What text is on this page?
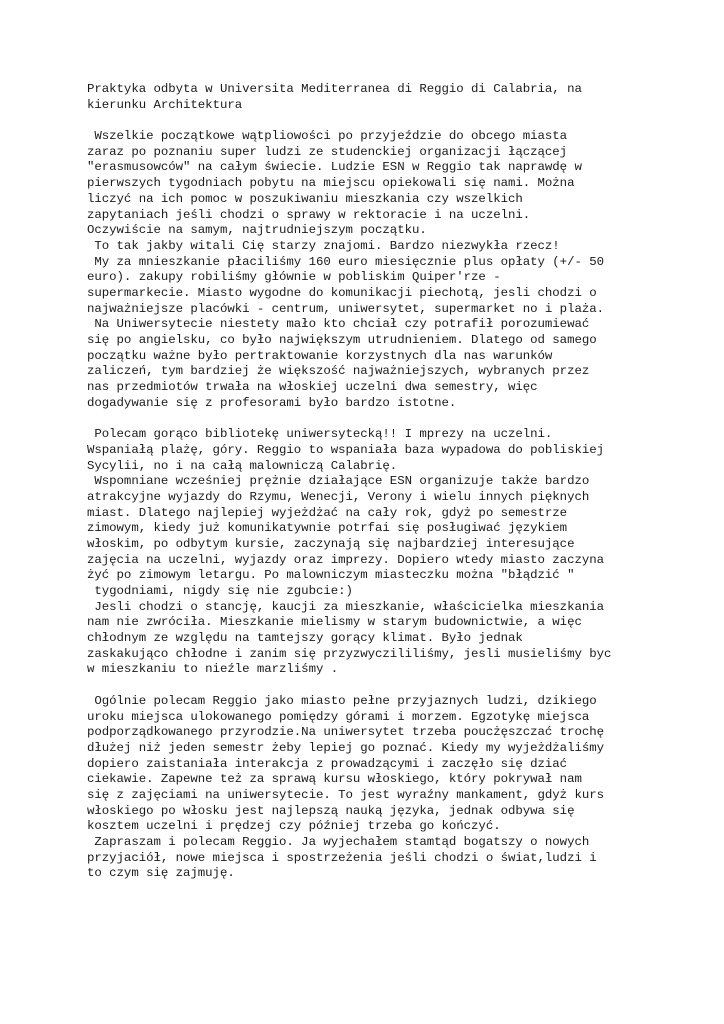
Praktyka odbyta w Universita Mediterranea di Reggio di Calabria, na
kierunku Architektura
Wszelkie początkowe wątpliowości po przyjeździe do obcego miasta
zaraz po poznaniu super ludzi ze studenckiej organizacji łączącej
"erasmusowców" na całym świecie. Ludzie ESN w Reggio tak naprawdę w
pierwszych tygodniach pobytu na miejscu opiekowali się nami. Można
liczyć na ich pomoc w poszukiwaniu mieszkania czy wszelkich
zapytaniach jeśli chodzi o sprawy w rektoracie i na uczelni.
Oczywiście na samym, najtrudniejszym początku.
To tak jakby witali Cię starzy znajomi. Bardzo niezwykła rzecz!
My za mnieszkanie płaciliśmy 160 euro miesięcznie plus opłaty (+/- 50
euro). zakupy robiliśmy głównie w pobliskim Quiper'rze -
supermarkecie. Miasto wygodne do komunikacji piechotą, jesli chodzi o
najważniejsze placówki - centrum, uniwersytet, supermarket no i plaża.
Na Uniwersytecie niestety mało kto chciał czy potrafił porozumiewać
się po angielsku, co było największym utrudnieniem. Dlatego od samego
początku ważne było pertraktowanie korzystnych dla nas warunków
zaliczeń, tym bardziej że większość najważniejszych, wybranych przez
nas przedmiotów trwała na włoskiej uczelni dwa semestry, więc
dogadywanie się z profesorami było bardzo istotne.
Polecam gorąco bibliotekę uniwersytecką!! I mprezy na uczelni.
Wspaniałą plażę, góry. Reggio to wspaniała baza wypadowa do pobliskiej
Sycylii, no i na całą malowniczą Calabrię.
Wspomniane wcześniej prężnie działające ESN organizuje także bardzo
atrakcyjne wyjazdy do Rzymu, Wenecji, Verony i wielu innych pięknych
miast. Dlatego najlepiej wyjeżdżać na cały rok, gdyż po semestrze
zimowym, kiedy już komunikatywnie potrfai się posługiwać językiem
włoskim, po odbytym kursie, zaczynają się najbardziej interesujące
zajęcia na uczelni, wyjazdy oraz imprezy. Dopiero wtedy miasto zaczyna
żyć po zimowym letargu. Po malowniczym miasteczku można "błądzić "
tygodniami, nigdy się nie zgubcie:)
Jesli chodzi o stancję, kaucji za mieszkanie, właścicielka mieszkania
nam nie zwróciła. Mieszkanie mielismy w starym budownictwie, a więc
chłodnym ze względu na tamtejszy gorący klimat. Było jednak
zaskakująco chłodne i zanim się przyzwyczililiśmy, jesli musieliśmy byc
w mieszkaniu to nieźle marzliśmy .
Ogólnie polecam Reggio jako miasto pełne przyjaznych ludzi, dzikiego
uroku miejsca ulokowanego pomiędzy górami i morzem. Egzotykę miejsca
podporządkowanego przyrodzie.Na uniwersytet trzeba poucżęszczać trochę
dłużej niż jeden semestr żeby lepiej go poznać. Kiedy my wyjeżdżaliśmy
dopiero zaistaniała interakcja z prowadzącymi i zaczęło się dziać
ciekawie. Zapewne też za sprawą kursu włoskiego, który pokrywał nam
się z zajęciami na uniwersytecie. To jest wyraźny mankament, gdyż kurs
włoskiego po włosku jest najlepszą nauką języka, jednak odbywa się
kosztem uczelni i prędzej czy później trzeba go kończyć.
Zapraszam i polecam Reggio. Ja wyjechałem stamtąd bogatszy o nowych
przyjaciół, nowe miejsca i spostrzeżenia jeśli chodzi o świat,ludzi i
to czym się zajmuję.
